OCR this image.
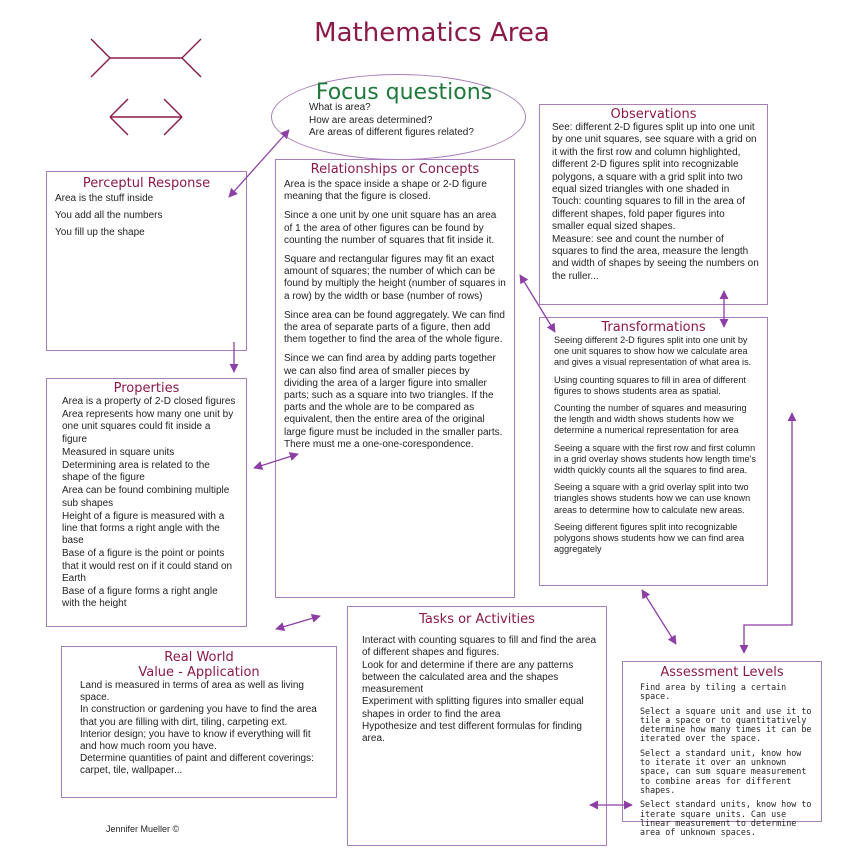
Mathematics Area
Focus questions
What is area?
How are areas determined?
Are areas of different figures related?
Perceptul Response
Area is the stuff inside
You add all the numbers
You fill up the shape
Relationships or Concepts

Area is the space inside a shape or 2-D figure meaning that the figure is closed.

Since a one unit by one unit square has an area of 1 the area of other figures can be found by counting the number of squares that fit inside it.

Square and rectangular figures may fit an exact amount of squares; the number of which can be found by multiply the height (number of squares in a row) by the width or base (number of rows)

Since area can be found aggregately. We can find the area of separate parts of a figure, then add them together to find the area of the whole figure.

Since we can find area by adding parts together we can also find area of smaller pieces by dividing the area of a larger figure into smaller parts; such as a square into two triangles. If the parts and the whole are to be compared as equivalent, then the entire area of the original large figure must be included in the smaller parts. There must me a one-one-corespondence.

Observations
See: different 2-D figures split up into one unit by one unit squares, see square with a grid on it with the first row and column highlighted, different 2-D figures split into recognizable polygons, a square with a grid split into two equal sized triangles with one shaded in
Touch: counting squares to fill in the area of different shapes, fold paper figures into smaller equal sized shapes.
Measure: see and count the number of squares to find the area, measure the length and width of shapes by seeing the numbers on the ruller...
Transformations

Seeing different 2-D figures split into one unit by one unit squares to show how we calculate area and gives a visual representation of what area is.

Using counting squares to fill in area of different figures to shows students area as spatial.

Counting the number of squares and measuring the length and width shows students how we determine a numerical representation for area

Seeing a square with the first row and first column in a grid overlay shows students how length time's width quickly counts all the squares to find area.

Seeing a square with a grid overlay split into two triangles shows students how we can use known areas to determine how to calculate new areas.

Seeing different figures split into recognizable polygons shows students how we can find area aggregately

Properties
Area is a property of 2-D closed figures
Area represents how many one unit by one unit squares could fit inside a figure
Measured in square units
Determining area is related to the shape of the figure
Area can be found combining multiple sub shapes
Height of a figure is measured with a line that forms a right angle with the base
Base of a figure is the point or points that it would rest on if it could stand on Earth
Base of a figure forms a right angle with the height
Tasks or Activities
Interact with counting squares to fill and find the area of different shapes and figures.
Look for and determine if there are any patterns between the calculated area and the shapes measurement
Experiment with splitting figures into smaller equal shapes in order to find the area
Hypothesize and test different formulas for finding area.
Real World
Value - Application
Land is measured in terms of area as well as living space.
In construction or gardening you have to find the area that you are filling with dirt, tiling, carpeting ext.
Interior design; you have to know if everything will fit and how much room you have.
Determine quantities of paint and different coverings: carpet, tile, wallpaper...
Assessment Levels

Find area by tiling a certain space.

Select a square unit and use it to tile a space or to quantitatively determine how many times it can be iterated over the space.

Select a standard unit, know how to iterate it over an unknown space, can sum square measurement to combine areas for different shapes.

Select standard units, know how to iterate square units. Can use linear measurement to determine area of unknown spaces.

Jennifer Mueller ©
